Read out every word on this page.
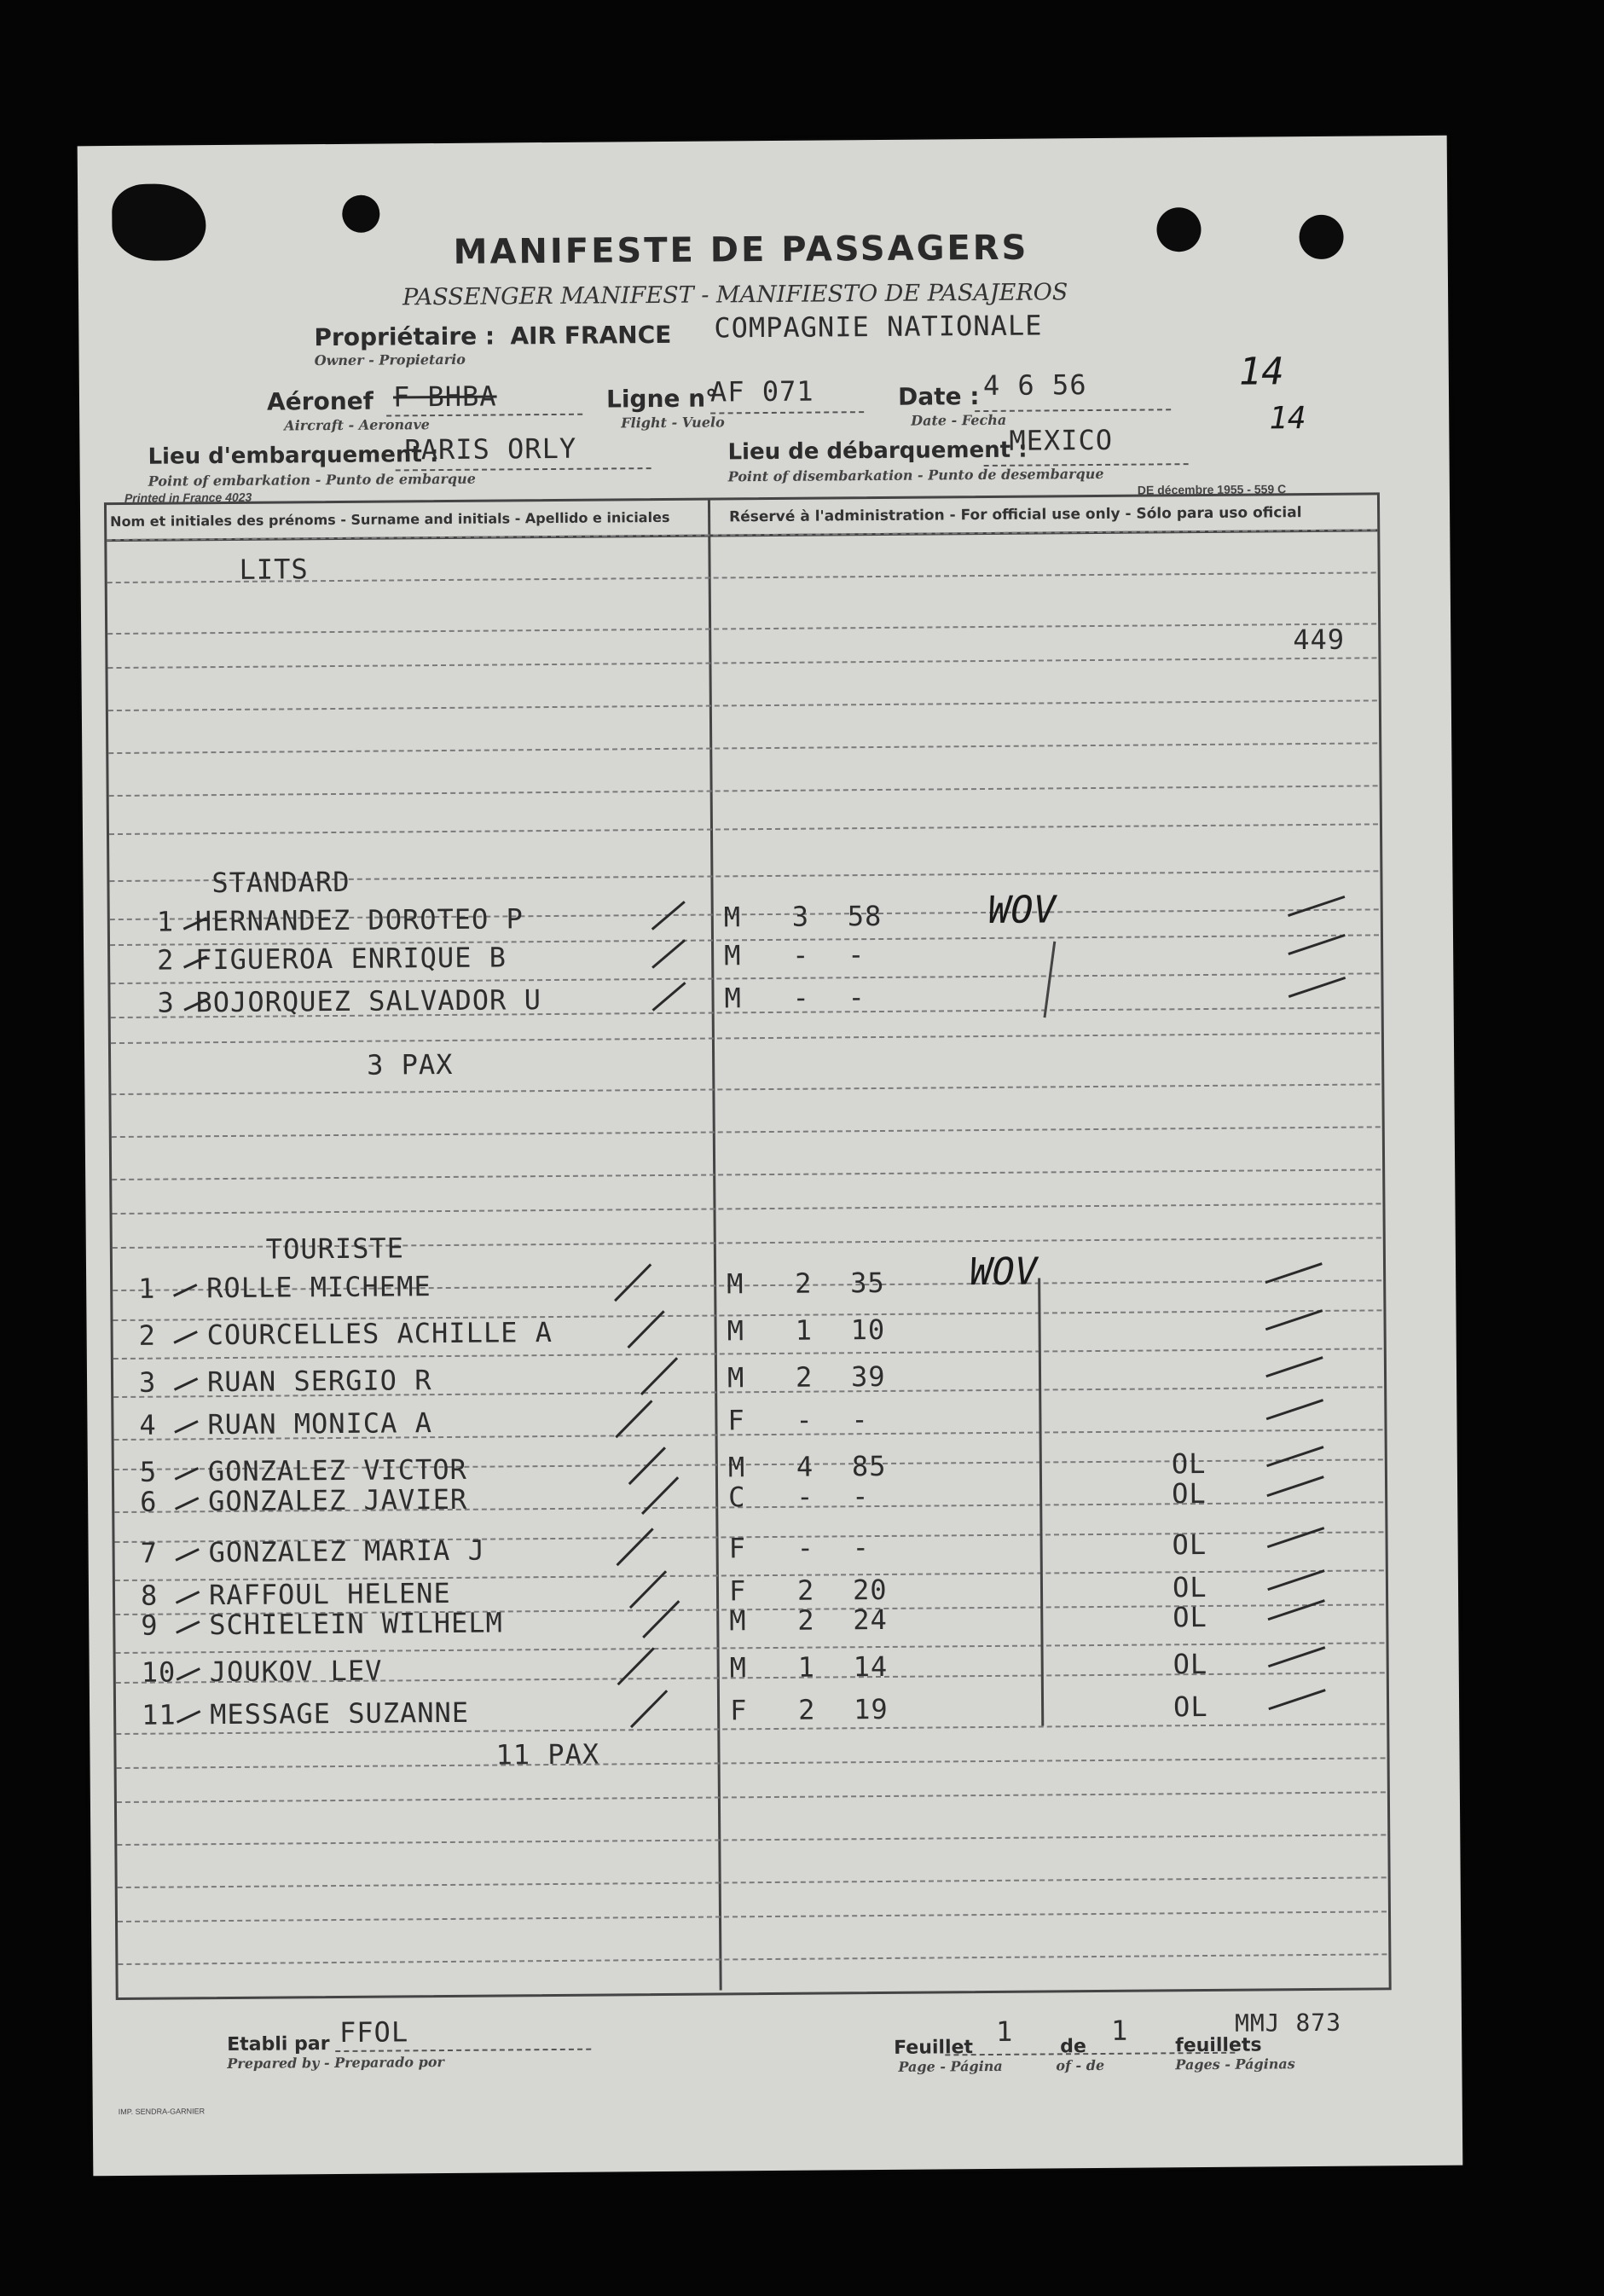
MANIFESTE DE PASSAGERS
PASSENGER MANIFEST - MANIFIESTO DE PASAJEROS
Propriétaire : AIR FRANCE COMPAGNIE NATIONALE
Owner - Propietario
Aéronef F BHBA
Aircraft - Aeronave
Ligne n°
AF 071
Flight - Vuelo
Date : 4 6 56
Date - Fecha
14
14
Lieu d'embarquement :
PARIS ORLY
Point of embarkation - Punto de embarque
Lieu de débarquement :
MEXICO
Point of disembarkation - Punto de desembarque
Printed in France 4023
DE décembre 1955 - 559 C
Nom et initiales des prénoms - Surname and initials - Apellido e iniciales	Réservé à l'administration - For official use only - Sólo para uso oficial
LITS
449
STANDARD
1 HERNANDEZ DOROTEO P	M 3 58	WOV
2 FIGUEROA ENRIQUE B	M - -
3 BOJORQUEZ SALVADOR U	M - -
3 PAX
TOURISTE
1 ROLLE MICHEME	M 2 35 WOV
2 COURCELLES ACHILLE A	M 1 10
3 RUAN SERGIO R	M 2 39
4 RUAN MONICA A	F - -
5 GONZALEZ VICTOR	M 4 85	OL
6 GONZALEZ JAVIER	C - -	OL
7 GONZALEZ MARIA J	F - -	OL
8 RAFFOUL HELENE	F 2 20	OL
9 SCHIELEIN WILHELM	M 2 24	OL
10 JOUKOV LEV	M 1 14	OL
11 MESSAGE SUZANNE	F 2 19	OL
11 PAX
Etabli par FFOL
Prepared by - Preparado por
Feuillet
1 de 1 feuillets
MMJ 873
Page - Página	of - de	Pages - Páginas
IMP. SENDRA-GARNIER
